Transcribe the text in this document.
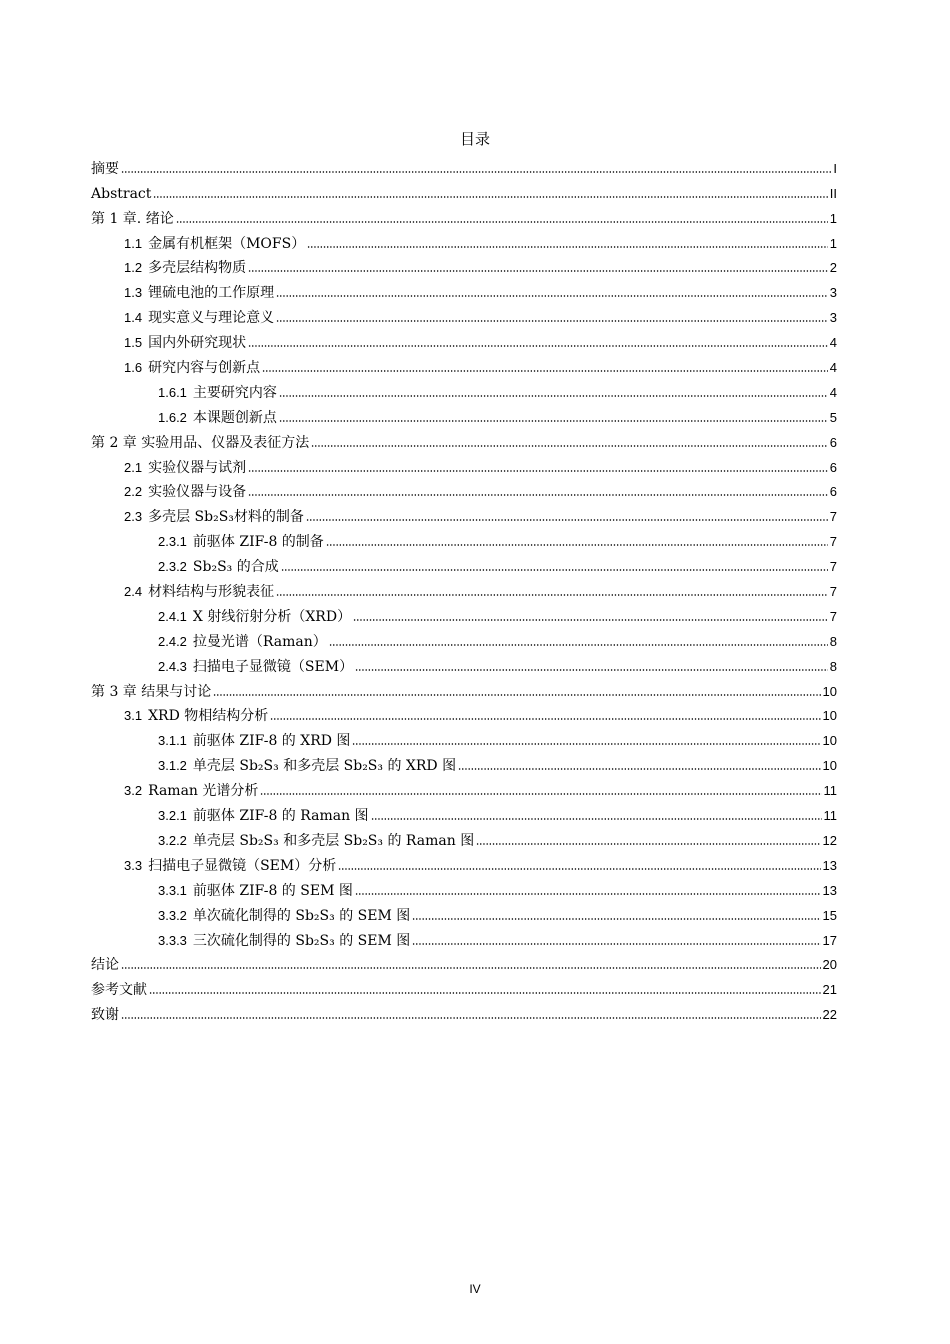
目录
摘要	I
Abstract	II
第 1 章. 绪论	1
1.1 金属有机框架（MOFS）	1
1.2 多壳层结构物质	2
1.3 锂硫电池的工作原理	3
1.4 现实意义与理论意义	3
1.5 国内外研究现状	4
1.6 研究内容与创新点	4
1.6.1 主要研究内容	4
1.6.2 本课题创新点	5
第 2 章 实验用品、仪器及表征方法	6
2.1 实验仪器与试剂	6
2.2 实验仪器与设备	6
2.3 多壳层 Sb₂S₃材料的制备	7
2.3.1 前驱体 ZIF-8 的制备	7
2.3.2 Sb₂S₃ 的合成	7
2.4 材料结构与形貌表征	7
2.4.1 X 射线衍射分析（XRD）	7
2.4.2 拉曼光谱（Raman）	8
2.4.3 扫描电子显微镜（SEM）	8
第 3 章 结果与讨论	10
3.1 XRD 物相结构分析	10
3.1.1 前驱体 ZIF-8 的 XRD 图	10
3.1.2 单壳层 Sb₂S₃ 和多壳层 Sb₂S₃ 的 XRD 图	10
3.2 Raman 光谱分析	11
3.2.1 前驱体 ZIF-8 的 Raman 图	11
3.2.2 单壳层 Sb₂S₃ 和多壳层 Sb₂S₃ 的 Raman 图	12
3.3 扫描电子显微镜（SEM）分析	13
3.3.1 前驱体 ZIF-8 的 SEM 图	13
3.3.2 单次硫化制得的 Sb₂S₃ 的 SEM 图	15
3.3.3 三次硫化制得的 Sb₂S₃ 的 SEM 图	17
结论	20
参考文献	21
致谢	22
IV
